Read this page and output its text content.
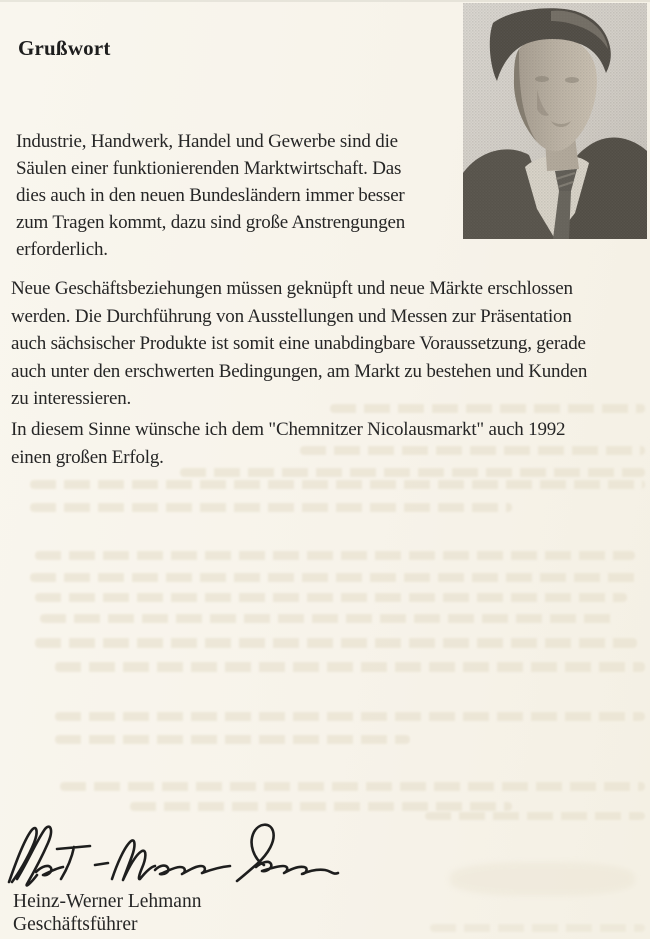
Grußwort
Industrie, Handwerk, Handel und Gewerbe sind die
Säulen einer funktionierenden Marktwirtschaft. Das
dies auch in den neuen Bundesländern immer besser
zum Tragen kommt, dazu sind große Anstrengungen
erforderlich.
Neue Geschäftsbeziehungen müssen geknüpft und neue Märkte erschlossen
werden. Die Durchführung von Ausstellungen und Messen zur Präsentation
auch sächsischer Produkte ist somit eine unabdingbare Voraussetzung, gerade
auch unter den erschwerten Bedingungen, am Markt zu bestehen und Kunden
zu interessieren.
In diesem Sinne wünsche ich dem "Chemnitzer Nicolausmarkt" auch 1992
einen großen Erfolg.
Heinz-Werner Lehmann
Geschäftsführer
